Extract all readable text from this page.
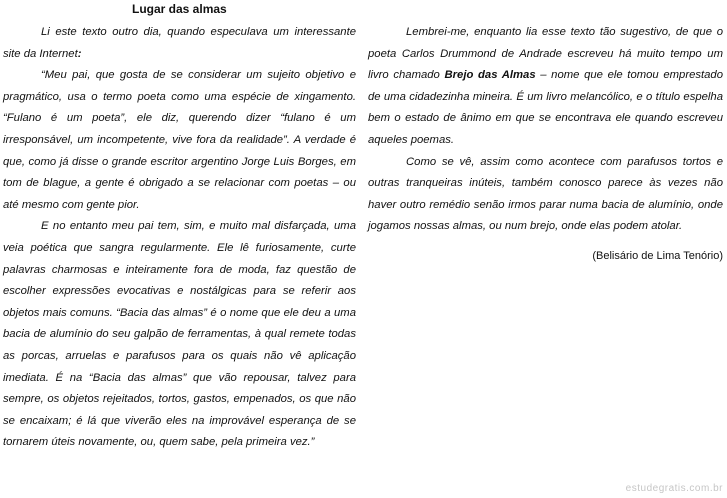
Lugar das almas

Li este texto outro dia, quando especulava um interessante site da Internet:

“Meu pai, que gosta de se considerar um sujeito objetivo e pragmático, usa o termo poeta como uma espécie de xingamento. “Fulano é um poeta”, ele diz, querendo dizer “fulano é um irresponsável, um incompetente, vive fora da realidade”. A verdade é que, como já disse o grande escritor argentino Jorge Luis Borges, em tom de blague, a gente é obrigado a se relacionar com poetas – ou até mesmo com gente pior.

E no entanto meu pai tem, sim, e muito mal disfarçada, uma veia poética que sangra regularmente. Ele lê furiosamente, curte palavras charmosas e inteiramente fora de moda, faz questão de escolher expressões evocativas e nostálgicas para se referir aos objetos mais comuns. “Bacia das almas” é o nome que ele deu a uma bacia de alumínio do seu galpão de ferramentas, à qual remete todas as porcas, arruelas e parafusos para os quais não vê aplicação imediata. É na “Bacia das almas” que vão repousar, talvez para sempre, os objetos rejeitados, tortos, gastos, empenados, os que não se encaixam; é lá que viverão eles na improvável esperança de se tornarem úteis novamente, ou, quem sabe, pela primeira vez.”

Lembrei-me, enquanto lia esse texto tão sugestivo, de que o poeta Carlos Drummond de Andrade escreveu há muito tempo um livro chamado Brejo das Almas – nome que ele tomou emprestado de uma cidadezinha mineira. É um livro melancólico, e o título espelha bem o estado de ânimo em que se encontrava ele quando escreveu aqueles poemas.

Como se vê, assim como acontece com parafusos tortos e outras tranqueiras inúteis, também conosco parece às vezes não haver outro remédio senão irmos parar numa bacia de alumínio, onde jogamos nossas almas, ou num brejo, onde elas podem atolar.

(Belisário de Lima Tenório)

estudegratis.com.br
